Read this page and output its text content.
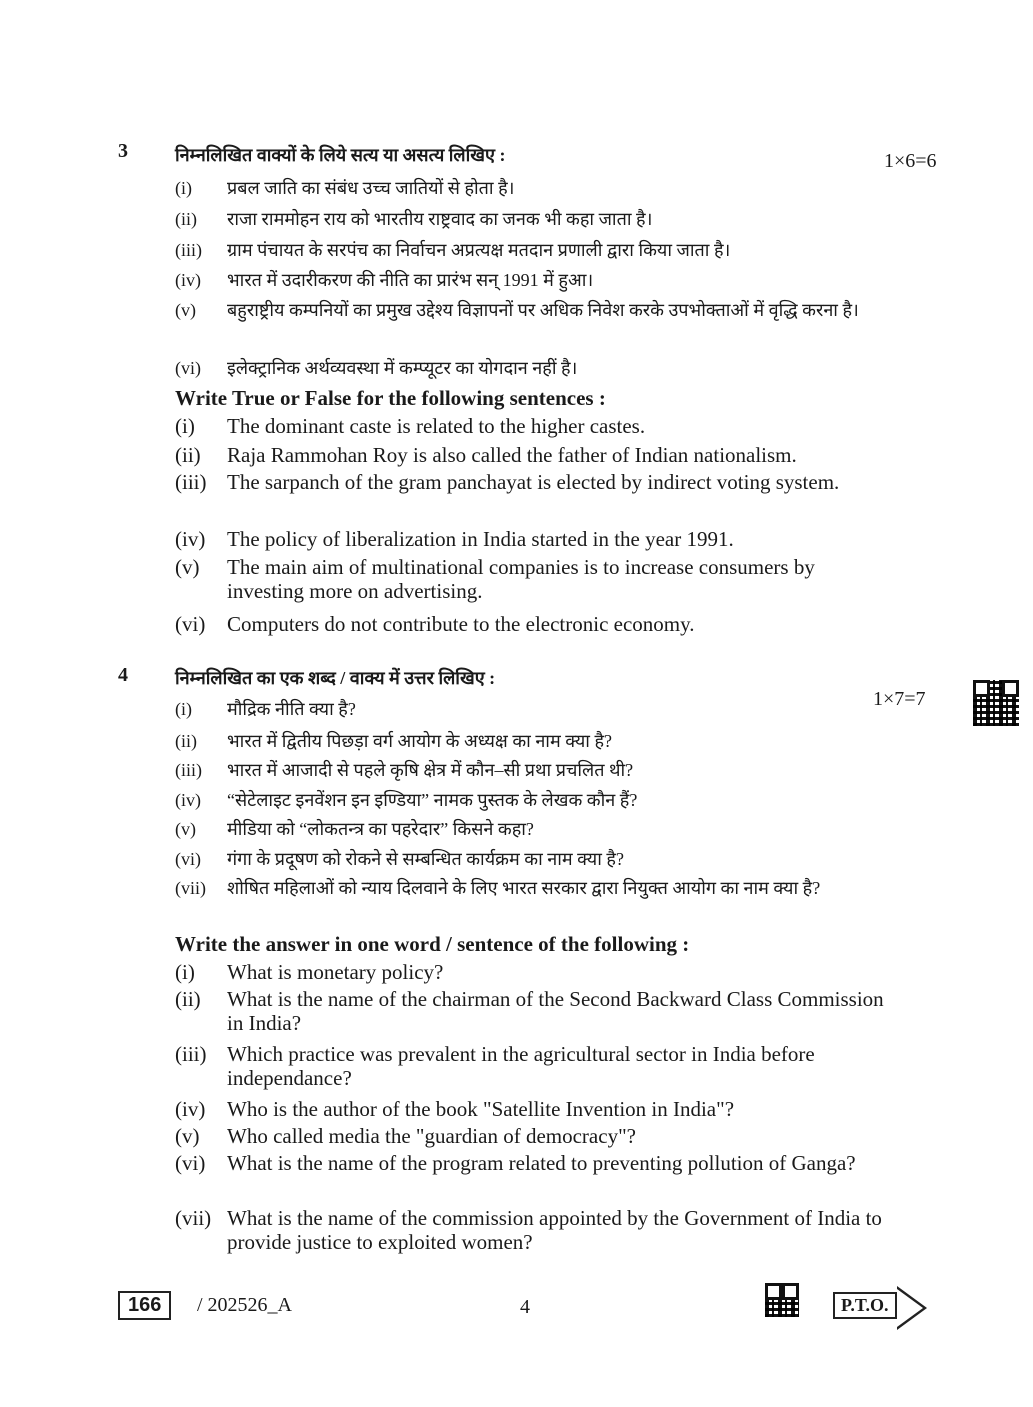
3	निम्नलिखित वाक्यों के लिये सत्य या असत्य लिखिए :	1×6=6
(i)	प्रबल जाति का संबंध उच्च जातियों से होता है।
(ii)	राजा राममोहन राय को भारतीय राष्ट्रवाद का जनक भी कहा जाता है।
(iii)	ग्राम पंचायत के सरपंच का निर्वाचन अप्रत्यक्ष मतदान प्रणाली द्वारा किया जाता है।
(iv)	भारत में उदारीकरण की नीति का प्रारंभ सन् 1991 में हुआ।
(v)	बहुराष्ट्रीय कम्पनियों का प्रमुख उद्देश्य विज्ञापनों पर अधिक निवेश करके उपभोक्ताओं में वृद्धि करना है।
(vi)	इलेक्ट्रानिक अर्थव्यवस्था में कम्प्यूटर का योगदान नहीं है।
Write True or False for the following sentences :
(i)	The dominant caste is related to the higher castes.
(ii)	Raja Rammohan Roy is also called the father of Indian nationalism.
(iii) The sarpanch of the gram panchayat is elected by indirect voting system.
(iv)	The policy of liberalization in India started in the year 1991.
(v)	The main aim of multinational companies is to increase consumers by investing more on advertising.
(vi)	Computers do not contribute to the electronic economy.
4	निम्नलिखित का एक शब्द / वाक्य में उत्तर लिखिए :
1×7=7
(i)	मौद्रिक नीति क्या है?
(ii)	भारत में द्वितीय पिछड़ा वर्ग आयोग के अध्यक्ष का नाम क्या है?
(iii)	भारत में आजादी से पहले कृषि क्षेत्र में कौन–सी प्रथा प्रचलित थी?
(iv)	“सेटेलाइट इनवेंशन इन इण्डिया” नामक पुस्तक के लेखक कौन हैं?
(v)	मीडिया को “लोकतन्त्र का पहरेदार” किसने कहा?
(vi)	गंगा के प्रदूषण को रोकने से सम्बन्धित कार्यक्रम का नाम क्या है?
(vii)	शोषित महिलाओं को न्याय दिलवाने के लिए भारत सरकार द्वारा नियुक्त आयोग का नाम क्या है?
Write the answer in one word / sentence of the following :
(i)	What is monetary policy?
(ii)	What is the name of the chairman of the Second Backward Class Commission in India?
(iii) Which practice was prevalent in the agricultural sector in India before independance?
(iv)	Who is the author of the book "Satellite Invention in India"?
(v)	Who called media the "guardian of democracy"?
(vi)	What is the name of the program related to preventing pollution of Ganga?
(vii) What is the name of the commission appointed by the Government of India to provide justice to exploited women?
166	/ 202526_A	4	P.T.O.
